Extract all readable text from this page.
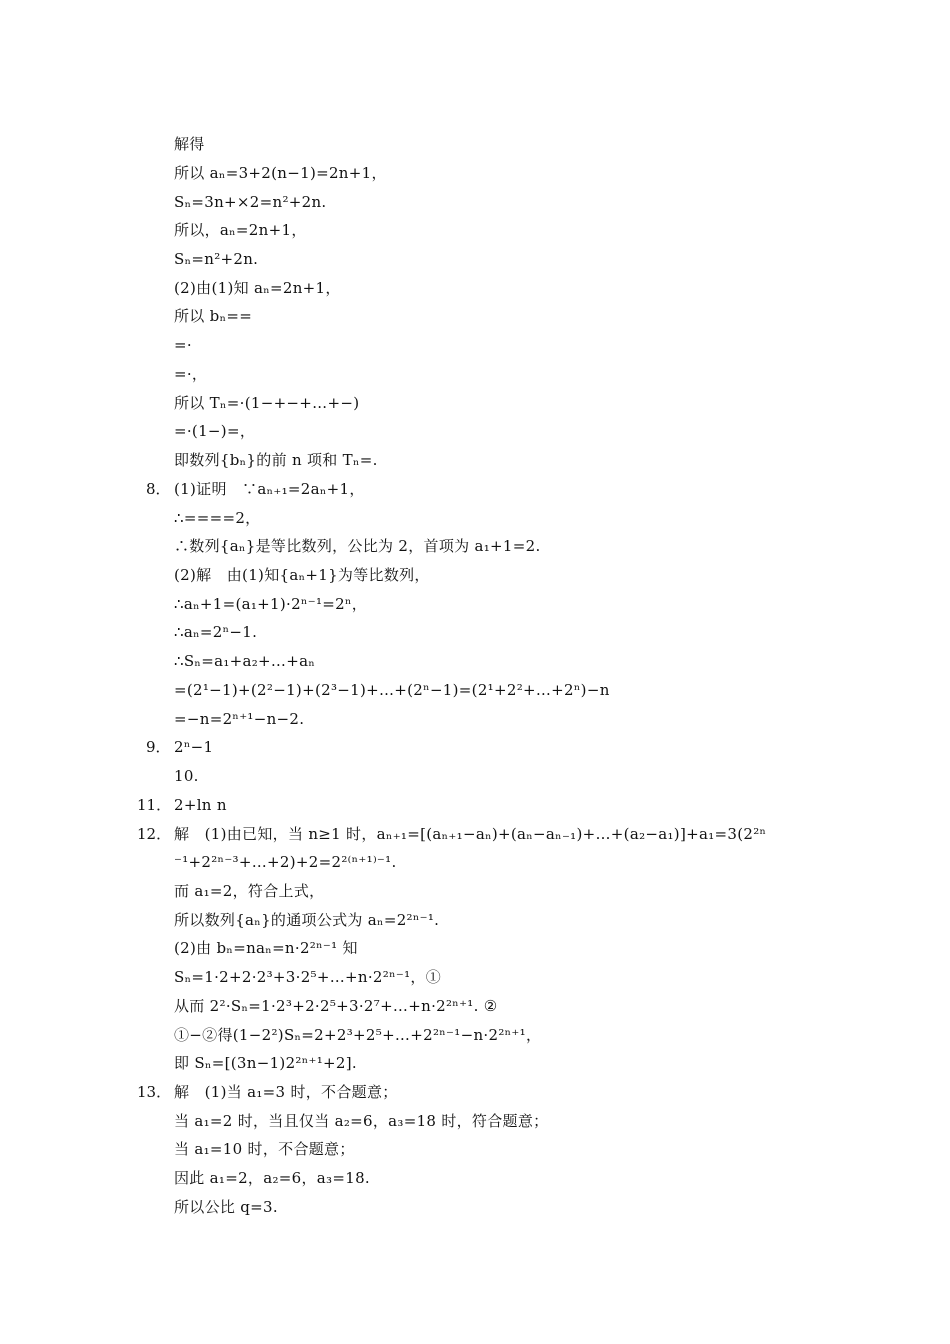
解得
所以 aₙ=3+2(n−1)=2n+1，
Sₙ=3n+×2=n²+2n.
所以，aₙ=2n+1，
Sₙ=n²+2n.
(2)由(1)知 aₙ=2n+1，
所以 bₙ==
=·
=·，
所以 Tₙ=·(1−+−+…+−)
=·(1−)=，
即数列{bₙ}的前 n 项和 Tₙ=.
8． (1)证明　∵aₙ₊₁=2aₙ+1，
∴====2，
∴数列{aₙ}是等比数列，公比为 2，首项为 a₁+1=2.
(2)解　由(1)知{aₙ+1}为等比数列，
∴aₙ+1=(a₁+1)·2ⁿ⁻¹=2ⁿ，
∴aₙ=2ⁿ−1.
∴Sₙ=a₁+a₂+…+aₙ
=(2¹−1)+(2²−1)+(2³−1)+…+(2ⁿ−1)=(2¹+2²+…+2ⁿ)−n
=−n=2ⁿ⁺¹−n−2.
9． 2ⁿ−1
10.
11． 2+ln n
12． 解　(1)由已知，当 n≥1 时，aₙ₊₁=[(aₙ₊₁−aₙ)+(aₙ−aₙ₋₁)+…+(a₂−a₁)]+a₁=3(2²ⁿ
⁻¹+2²ⁿ⁻³+…+2)+2=2²⁽ⁿ⁺¹⁾⁻¹.
而 a₁=2，符合上式，
所以数列{aₙ}的通项公式为 aₙ=2²ⁿ⁻¹.
(2)由 bₙ=naₙ=n·2²ⁿ⁻¹ 知
Sₙ=1·2+2·2³+3·2⁵+…+n·2²ⁿ⁻¹，①
从而 2²·Sₙ=1·2³+2·2⁵+3·2⁷+…+n·2²ⁿ⁺¹. ②
①−②得(1−2²)Sₙ=2+2³+2⁵+…+2²ⁿ⁻¹−n·2²ⁿ⁺¹，
即 Sₙ=[(3n−1)2²ⁿ⁺¹+2].
13． 解　(1)当 a₁=3 时，不合题意；
当 a₁=2 时，当且仅当 a₂=6，a₃=18 时，符合题意；
当 a₁=10 时，不合题意；
因此 a₁=2，a₂=6，a₃=18.
所以公比 q=3.
